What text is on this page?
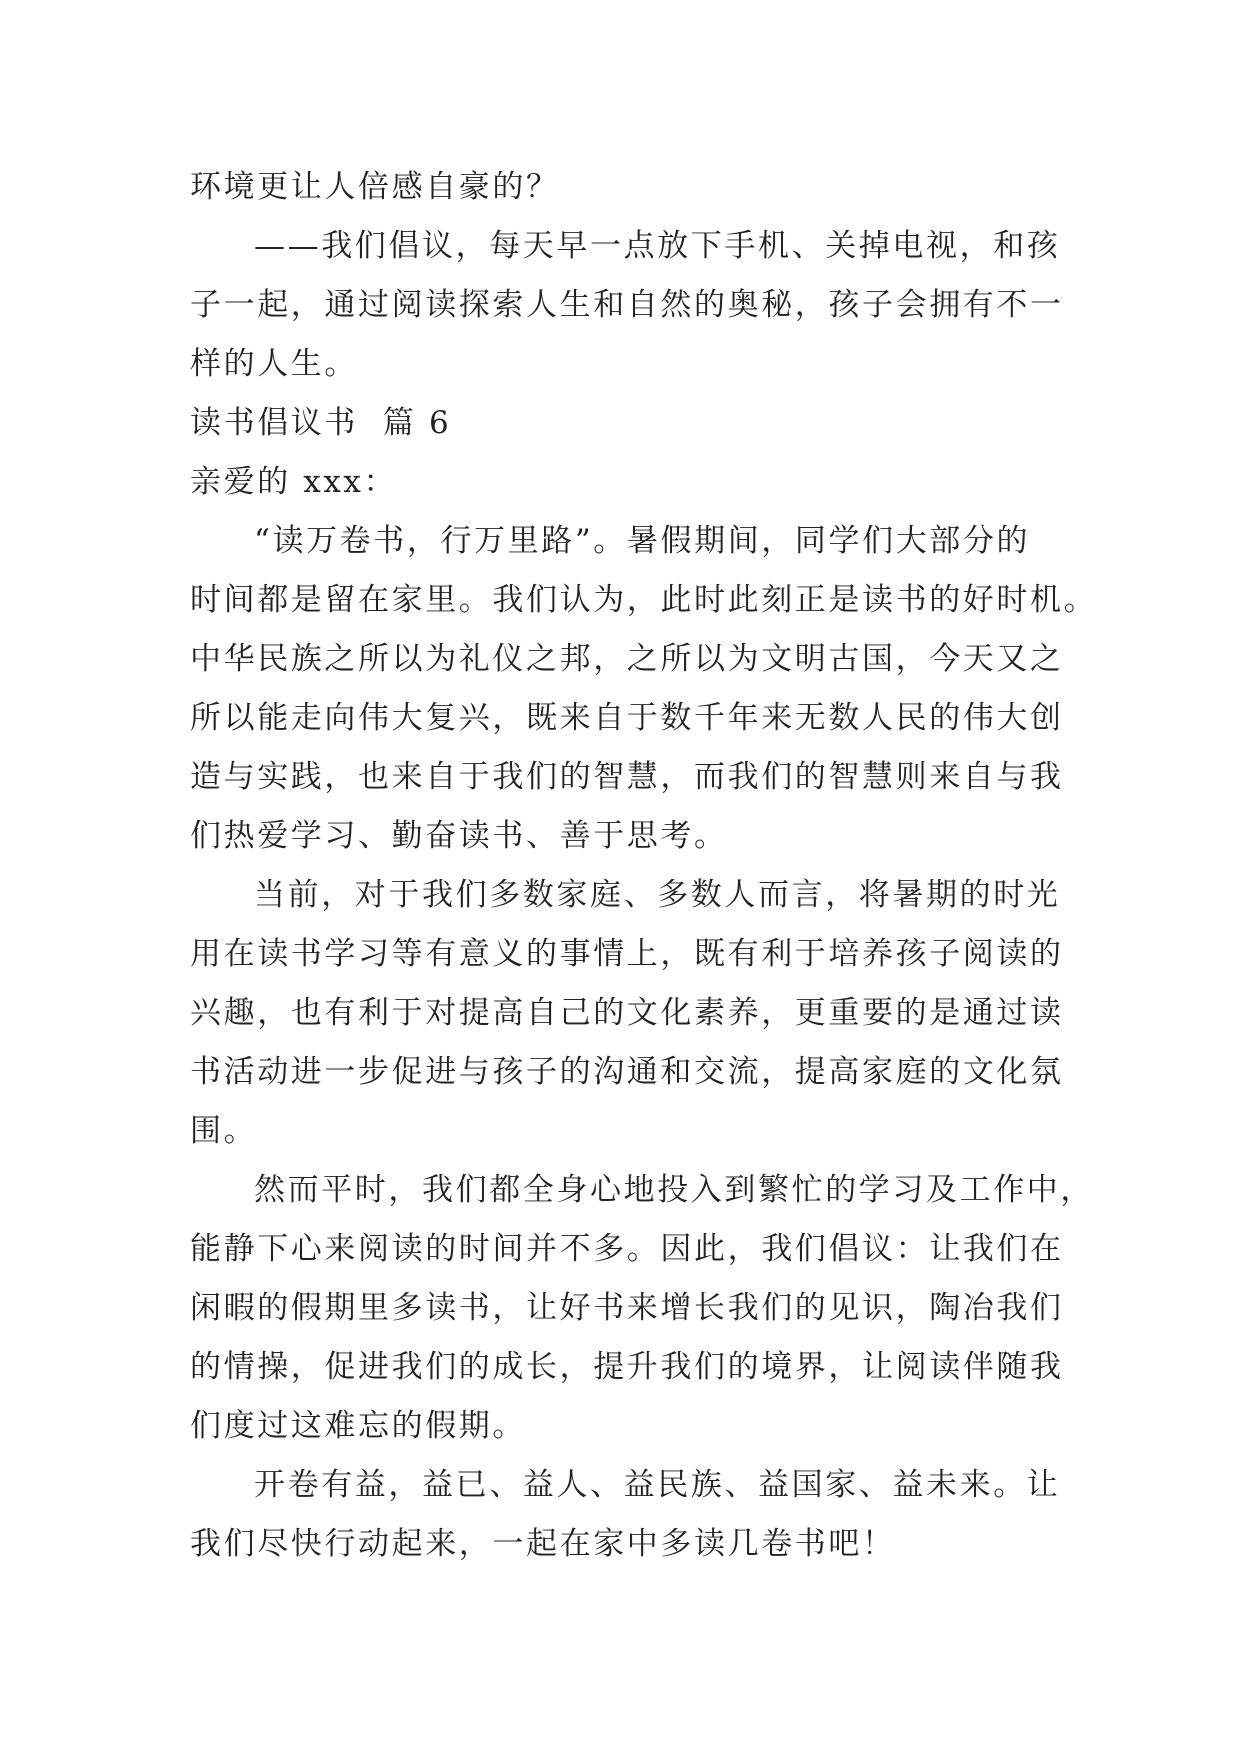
环境更让人倍感自豪的？
——我们倡议，每天早一点放下手机、关掉电视，和孩
子一起，通过阅读探索人生和自然的奥秘，孩子会拥有不一
样的人生。
读书倡议书  篇 6
亲爱的 xxx：
“读万卷书，行万里路”。暑假期间，同学们大部分的
时间都是留在家里。我们认为，此时此刻正是读书的好时机。
中华民族之所以为礼仪之邦，之所以为文明古国，今天又之
所以能走向伟大复兴，既来自于数千年来无数人民的伟大创
造与实践，也来自于我们的智慧，而我们的智慧则来自与我
们热爱学习、勤奋读书、善于思考。
当前，对于我们多数家庭、多数人而言，将暑期的时光
用在读书学习等有意义的事情上，既有利于培养孩子阅读的
兴趣，也有利于对提高自己的文化素养，更重要的是通过读
书活动进一步促进与孩子的沟通和交流，提高家庭的文化氛
围。
然而平时，我们都全身心地投入到繁忙的学习及工作中，
能静下心来阅读的时间并不多。因此，我们倡议：让我们在
闲暇的假期里多读书，让好书来增长我们的见识，陶冶我们
的情操，促进我们的成长，提升我们的境界，让阅读伴随我
们度过这难忘的假期。
开卷有益，益已、益人、益民族、益国家、益未来。让
我们尽快行动起来，一起在家中多读几卷书吧！
